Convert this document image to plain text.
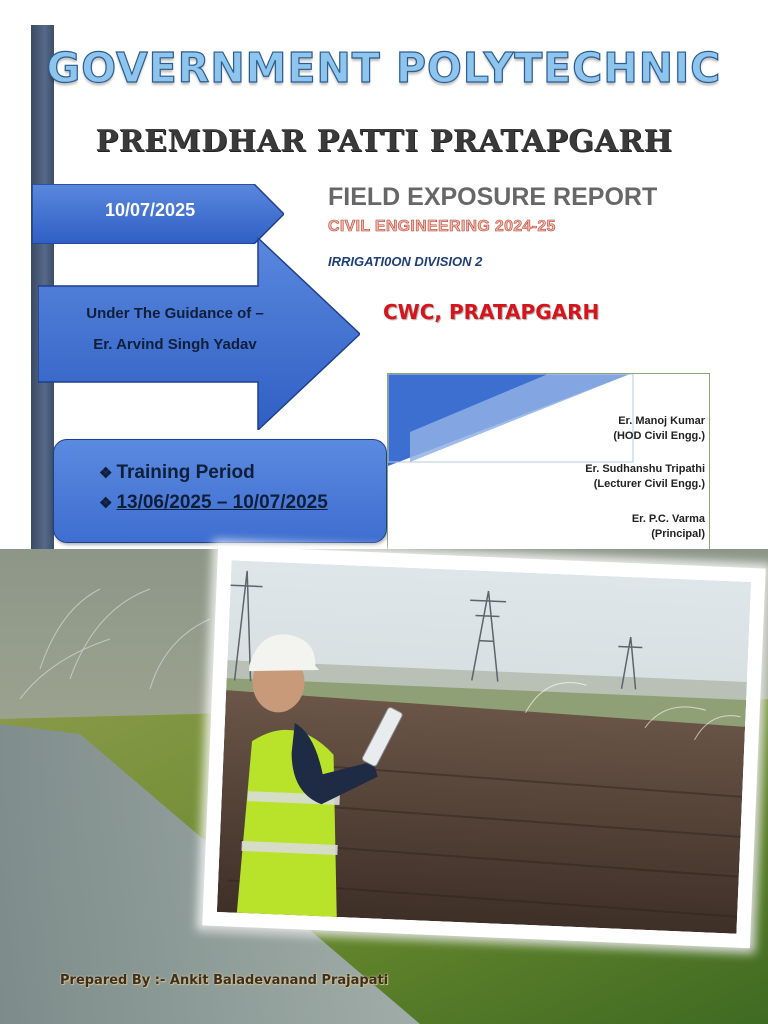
GOVERNMENT POLYTECHNIC
PREMDHAR PATTI PRATAPGARH
10/07/2025
Under The Guidance of –
Er. Arvind Singh Yadav
FIELD EXPOSURE REPORT
CIVIL ENGINEERING 2024-25
IRRIGATI0ON DIVISION 2
CWC, PRATAPGARH
❖ Training Period
❖ 13/06/2025 – 10/07/2025
Er. Manoj Kumar
(HOD Civil Engg.)
Er. Sudhanshu Tripathi
(Lecturer Civil Engg.)
Er. P.C. Varma
(Principal)
Prepared By :- Ankit Baladevanand Prajapati
